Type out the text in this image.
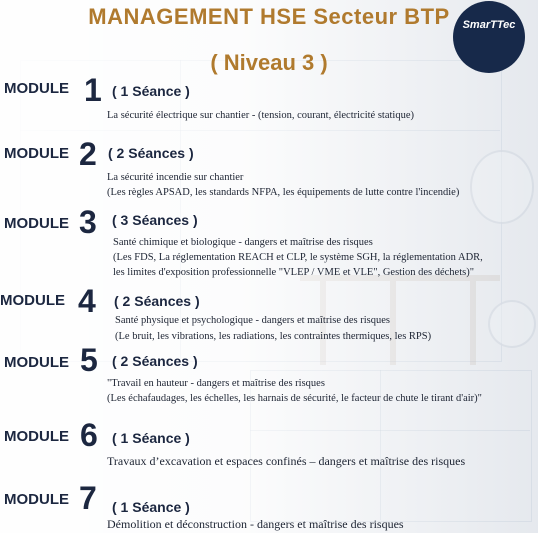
MANAGEMENT HSE Secteur BTP
( Niveau 3 )
SmarTTec
MODULE 1 ( 1 Séance )
La sécurité électrique sur chantier - (tension, courant, électricité statique)
MODULE 2 ( 2 Séances )
La sécurité incendie sur chantier
(Les règles APSAD, les standards NFPA, les équipements de lutte contre l'incendie)
MODULE 3 ( 3 Séances )
Santé chimique et biologique - dangers et maîtrise des risques
(Les FDS, La réglementation REACH et CLP, le système SGH, la réglementation ADR,
les limites d'exposition professionnelle "VLEP / VME et VLE", Gestion des déchets)"
MODULE 4 ( 2 Séances )
Santé physique et psychologique - dangers et maîtrise des risques
(Le bruit, les vibrations, les radiations, les contraintes thermiques, les RPS)
MODULE 5 ( 2 Séances )
"Travail en hauteur - dangers et maîtrise des risques
(Les échafaudages, les échelles, les harnais de sécurité, le facteur de chute le tirant d'air)"
MODULE 6 ( 1 Séance )
Travaux d’excavation et espaces confinés – dangers et maîtrise des risques
MODULE 7 ( 1 Séance )
Démolition et déconstruction - dangers et maîtrise des risques
